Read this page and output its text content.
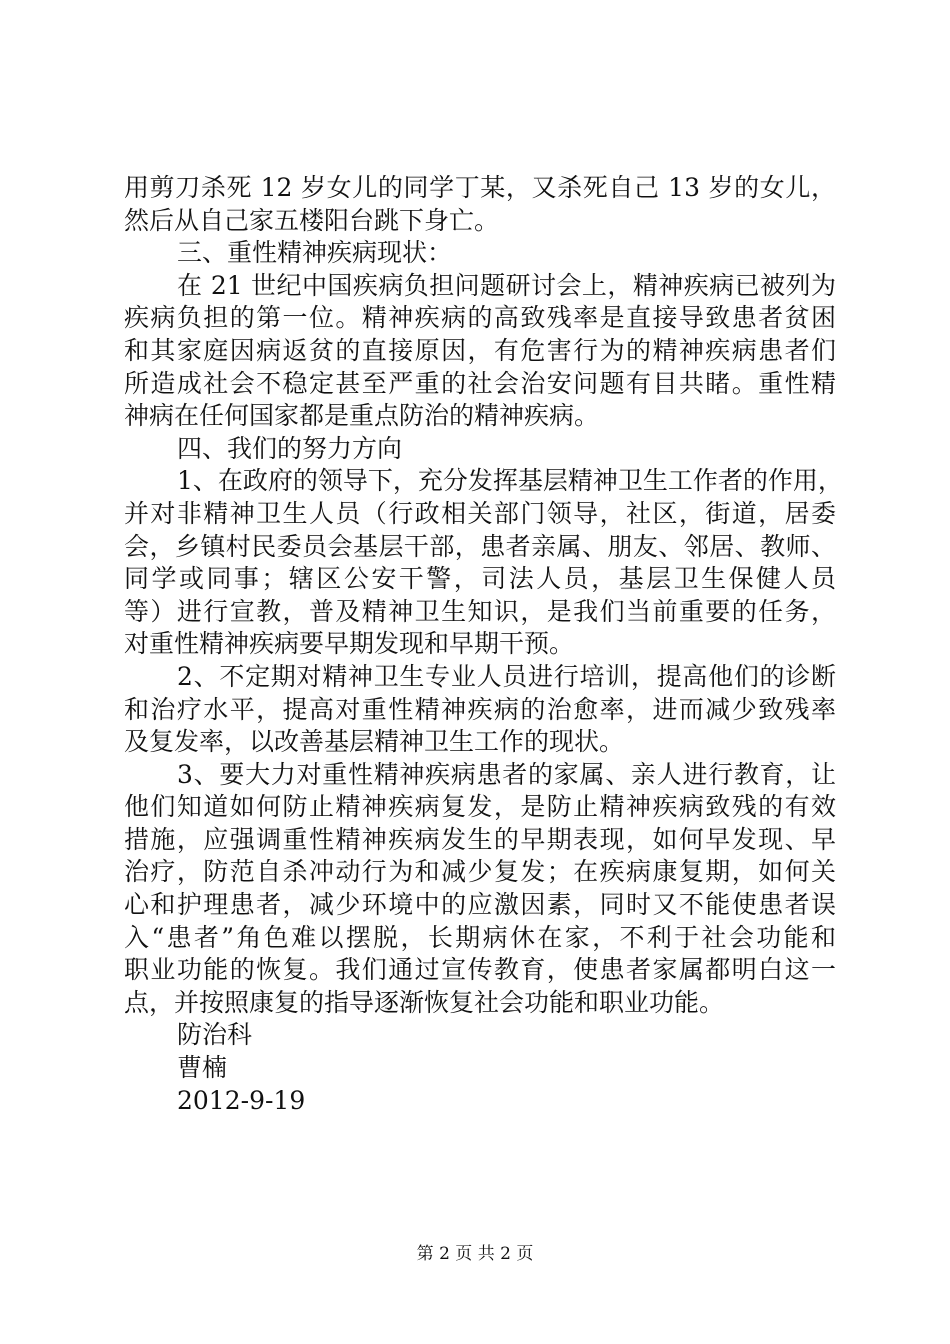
用剪刀杀死 12 岁女儿的同学丁某，又杀死自己 13 岁的女儿，
然后从自己家五楼阳台跳下身亡。
三、重性精神疾病现状：
在 21 世纪中国疾病负担问题研讨会上，精神疾病已被列为
疾病负担的第一位。精神疾病的高致残率是直接导致患者贫困
和其家庭因病返贫的直接原因，有危害行为的精神疾病患者们
所造成社会不稳定甚至严重的社会治安问题有目共睹。重性精
神病在任何国家都是重点防治的精神疾病。
四、我们的努力方向
1、在政府的领导下，充分发挥基层精神卫生工作者的作用，
并对非精神卫生人员（行政相关部门领导，社区，街道，居委
会，乡镇村民委员会基层干部，患者亲属、朋友、邻居、教师、
同学或同事；辖区公安干警，司法人员，基层卫生保健人员
等）进行宣教，普及精神卫生知识，是我们当前重要的任务，
对重性精神疾病要早期发现和早期干预。
2、不定期对精神卫生专业人员进行培训，提高他们的诊断
和治疗水平，提高对重性精神疾病的治愈率，进而减少致残率
及复发率，以改善基层精神卫生工作的现状。
3、要大力对重性精神疾病患者的家属、亲人进行教育，让
他们知道如何防止精神疾病复发，是防止精神疾病致残的有效
措施，应强调重性精神疾病发生的早期表现，如何早发现、早
治疗，防范自杀冲动行为和减少复发；在疾病康复期，如何关
心和护理患者，减少环境中的应激因素，同时又不能使患者误
入“患者”角色难以摆脱，长期病休在家，不利于社会功能和
职业功能的恢复。我们通过宣传教育，使患者家属都明白这一
点，并按照康复的指导逐渐恢复社会功能和职业功能。
防治科
曹楠
2012-9-19
第 2 页 共 2 页
